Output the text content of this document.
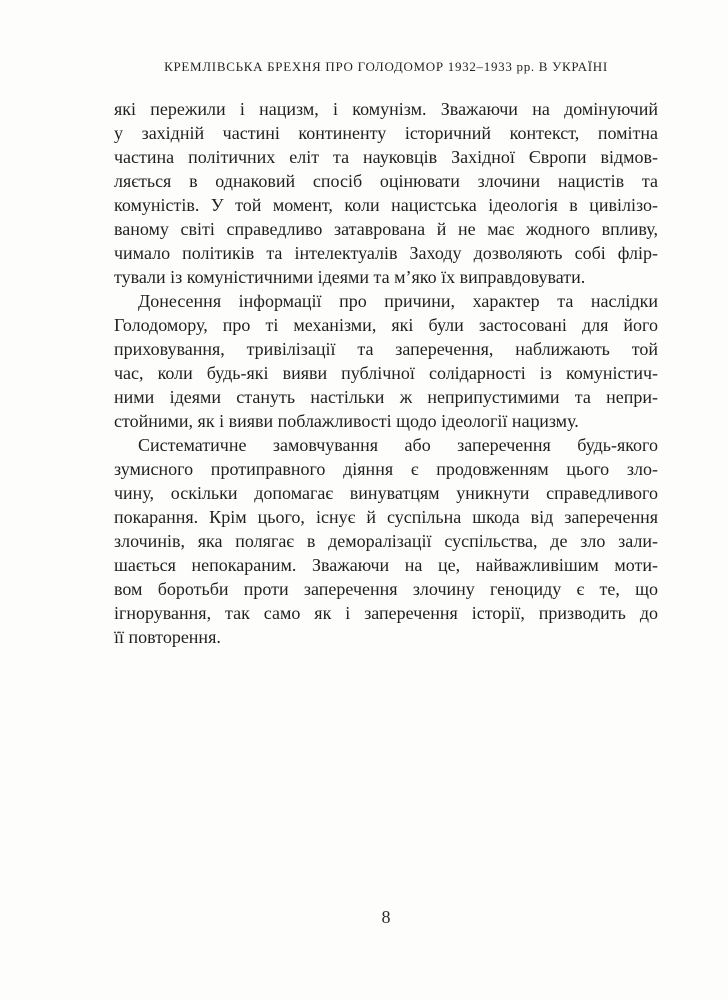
КРЕМЛІВСЬКА БРЕХНЯ ПРО ГОЛОДОМОР 1932–1933 рр. В УКРАЇНІ
які пережили і нацизм, і комунізм. Зважаючи на домінуючий
у західній частині континенту історичний контекст, помітна
частина політичних еліт та науковців Західної Європи відмов-
ляється в однаковий спосіб оцінювати злочини нацистів та
комуністів. У той момент, коли нацистська ідеологія в цивілізо-
ваному світі справедливо затаврована й не має жодного впливу,
чимало політиків та інтелектуалів Заходу дозволяють собі флір-
тували із комуністичними ідеями та м’яко їх виправдовувати.
Донесення інформації про причини, характер та наслідки
Голодомору, про ті механізми, які були застосовані для його
приховування, тривілізації та заперечення, наближають той
час, коли будь-які вияви публічної солідарності із комуністич-
ними ідеями стануть настільки ж неприпустимими та непри-
стойними, як і вияви поблажливості щодо ідеології нацизму.
Систематичне замовчування або заперечення будь-якого
зумисного протиправного діяння є продовженням цього зло-
чину, оскільки допомагає винуватцям уникнути справедливого
покарання. Крім цього, існує й суспільна шкода від заперечення
злочинів, яка полягає в деморалізації суспільства, де зло зали-
шається непокараним. Зважаючи на це, найважливішим моти-
вом боротьби проти заперечення злочину геноциду є те, що
ігнорування, так само як і заперечення історії, призводить до
її повторення.
8
